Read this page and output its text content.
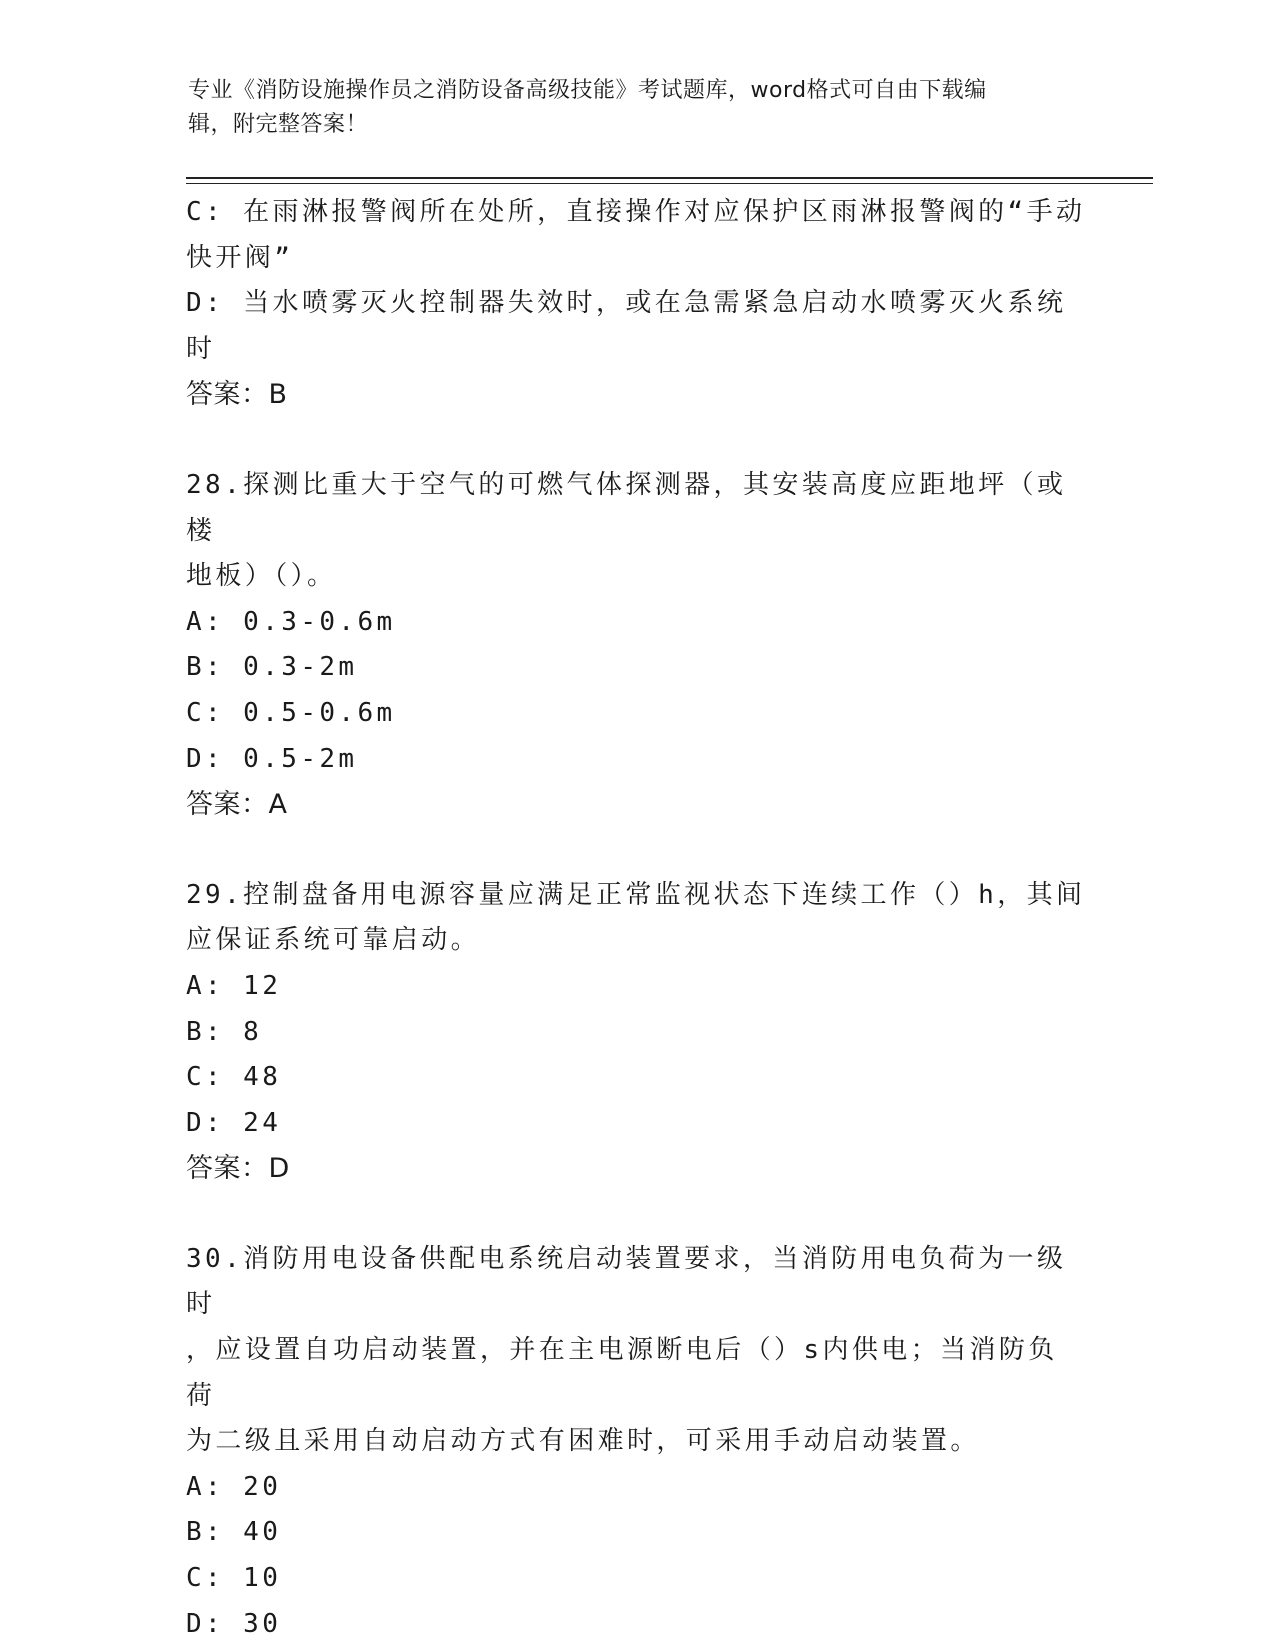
专业《消防设施操作员之消防设备高级技能》考试题库，word格式可自由下载编
辑，附完整答案！

C: 在雨淋报警阀所在处所，直接操作对应保护区雨淋报警阀的“手动

快开阀”

D: 当水喷雾灭火控制器失效时，或在急需紧急启动水喷雾灭火系统时

答案：B

28.探测比重大于空气的可燃气体探测器，其安装高度应距地坪（或楼

地板）（）。

A: 0.3-0.6m

B: 0.3-2m

C: 0.5-0.6m

D: 0.5-2m

答案：A

29.控制盘备用电源容量应满足正常监视状态下连续工作（）h，其间

应保证系统可靠启动。

A: 12

B: 8

C: 48

D: 24

答案：D

30.消防用电设备供配电系统启动装置要求，当消防用电负荷为一级时

，应设置自功启动装置，并在主电源断电后（）s内供电；当消防负荷

为二级且采用自动启动方式有困难时，可采用手动启动装置。

A: 20

B: 40

C: 10

D: 30
